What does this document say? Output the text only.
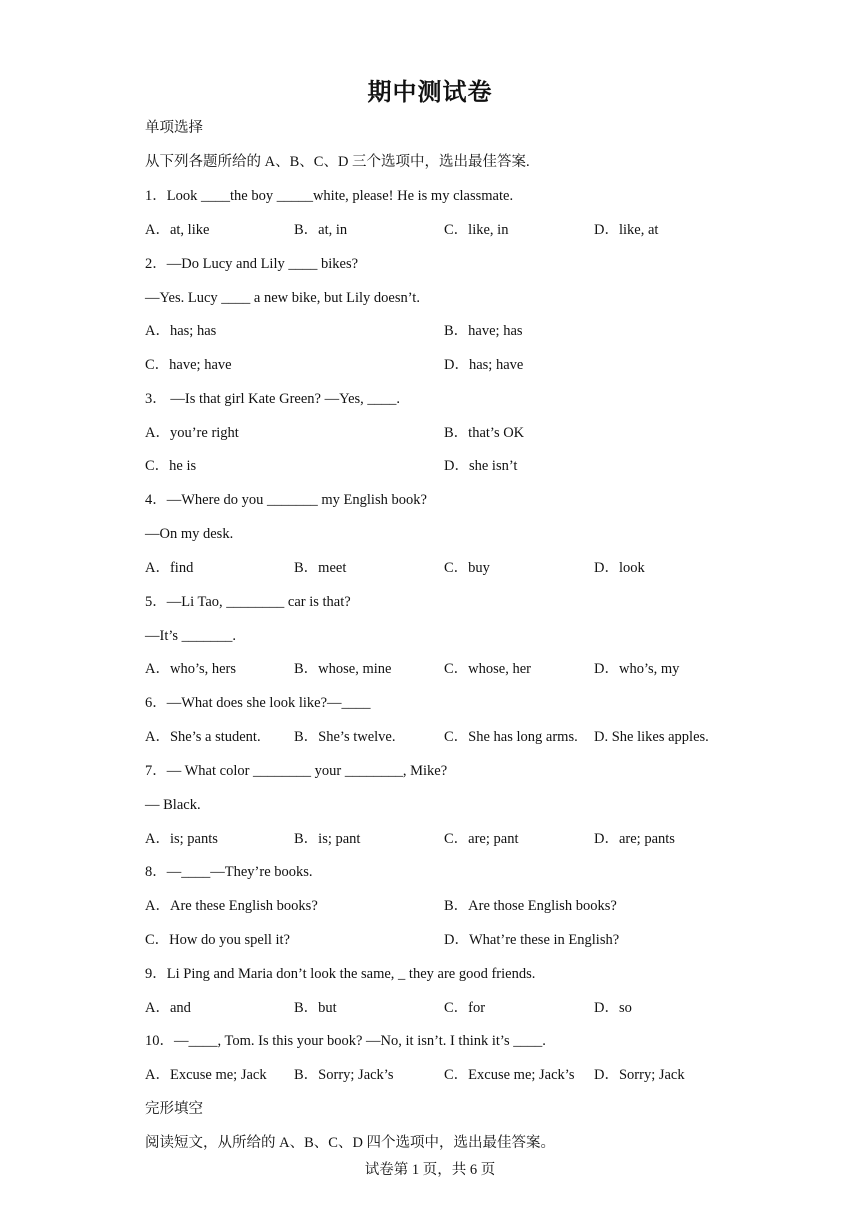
期中测试卷
单项选择
从下列各题所给的 A、B、C、D 三个选项中，选出最佳答案.
1．Look ____the boy _____white, please! He is my classmate.
A．at, like	B．at, in	C．like, in	D．like, at
2．—Do Lucy and Lily ____ bikes?
—Yes. Lucy ____ a new bike, but Lily doesn’t.
A．has; has	B．have; has
C．have; have	D．has; have
3． —Is that girl Kate Green? —Yes, ____.
A．you’re right	B．that’s OK
C．he is	D．she isn’t
4．—Where do you _______ my English book?
—On my desk.
A．find	B．meet	C．buy	D．look
5．—Li Tao, ________ car is that?
—It’s _______.
A．who’s, hers	B．whose, mine	C．whose, her	D．who’s, my
6．—What does she look like?—____
A．She’s a student. B．She’s twelve.	C．She has long arms. D. She likes apples.
7．— What color ________ your ________, Mike?
— Black.
A．is; pants	B．is; pant	C．are; pant	D．are; pants
8．—____—They’re books.
A．Are these English books?	B．Are those English books?
C．How do you spell it?	D．What’re these in English?
9．Li Ping and Maria don’t look the same, _ they are good friends.
A．and	B．but	C．for	D．so
10．—____, Tom. Is this your book? —No, it isn’t. I think it’s ____.
A．Excuse me; Jack B．Sorry; Jack’s	C．Excuse me; Jack’s D．Sorry; Jack
完形填空
阅读短文，从所给的 A、B、C、D 四个选项中，选出最佳答案。
试卷第 1 页，共 6 页
